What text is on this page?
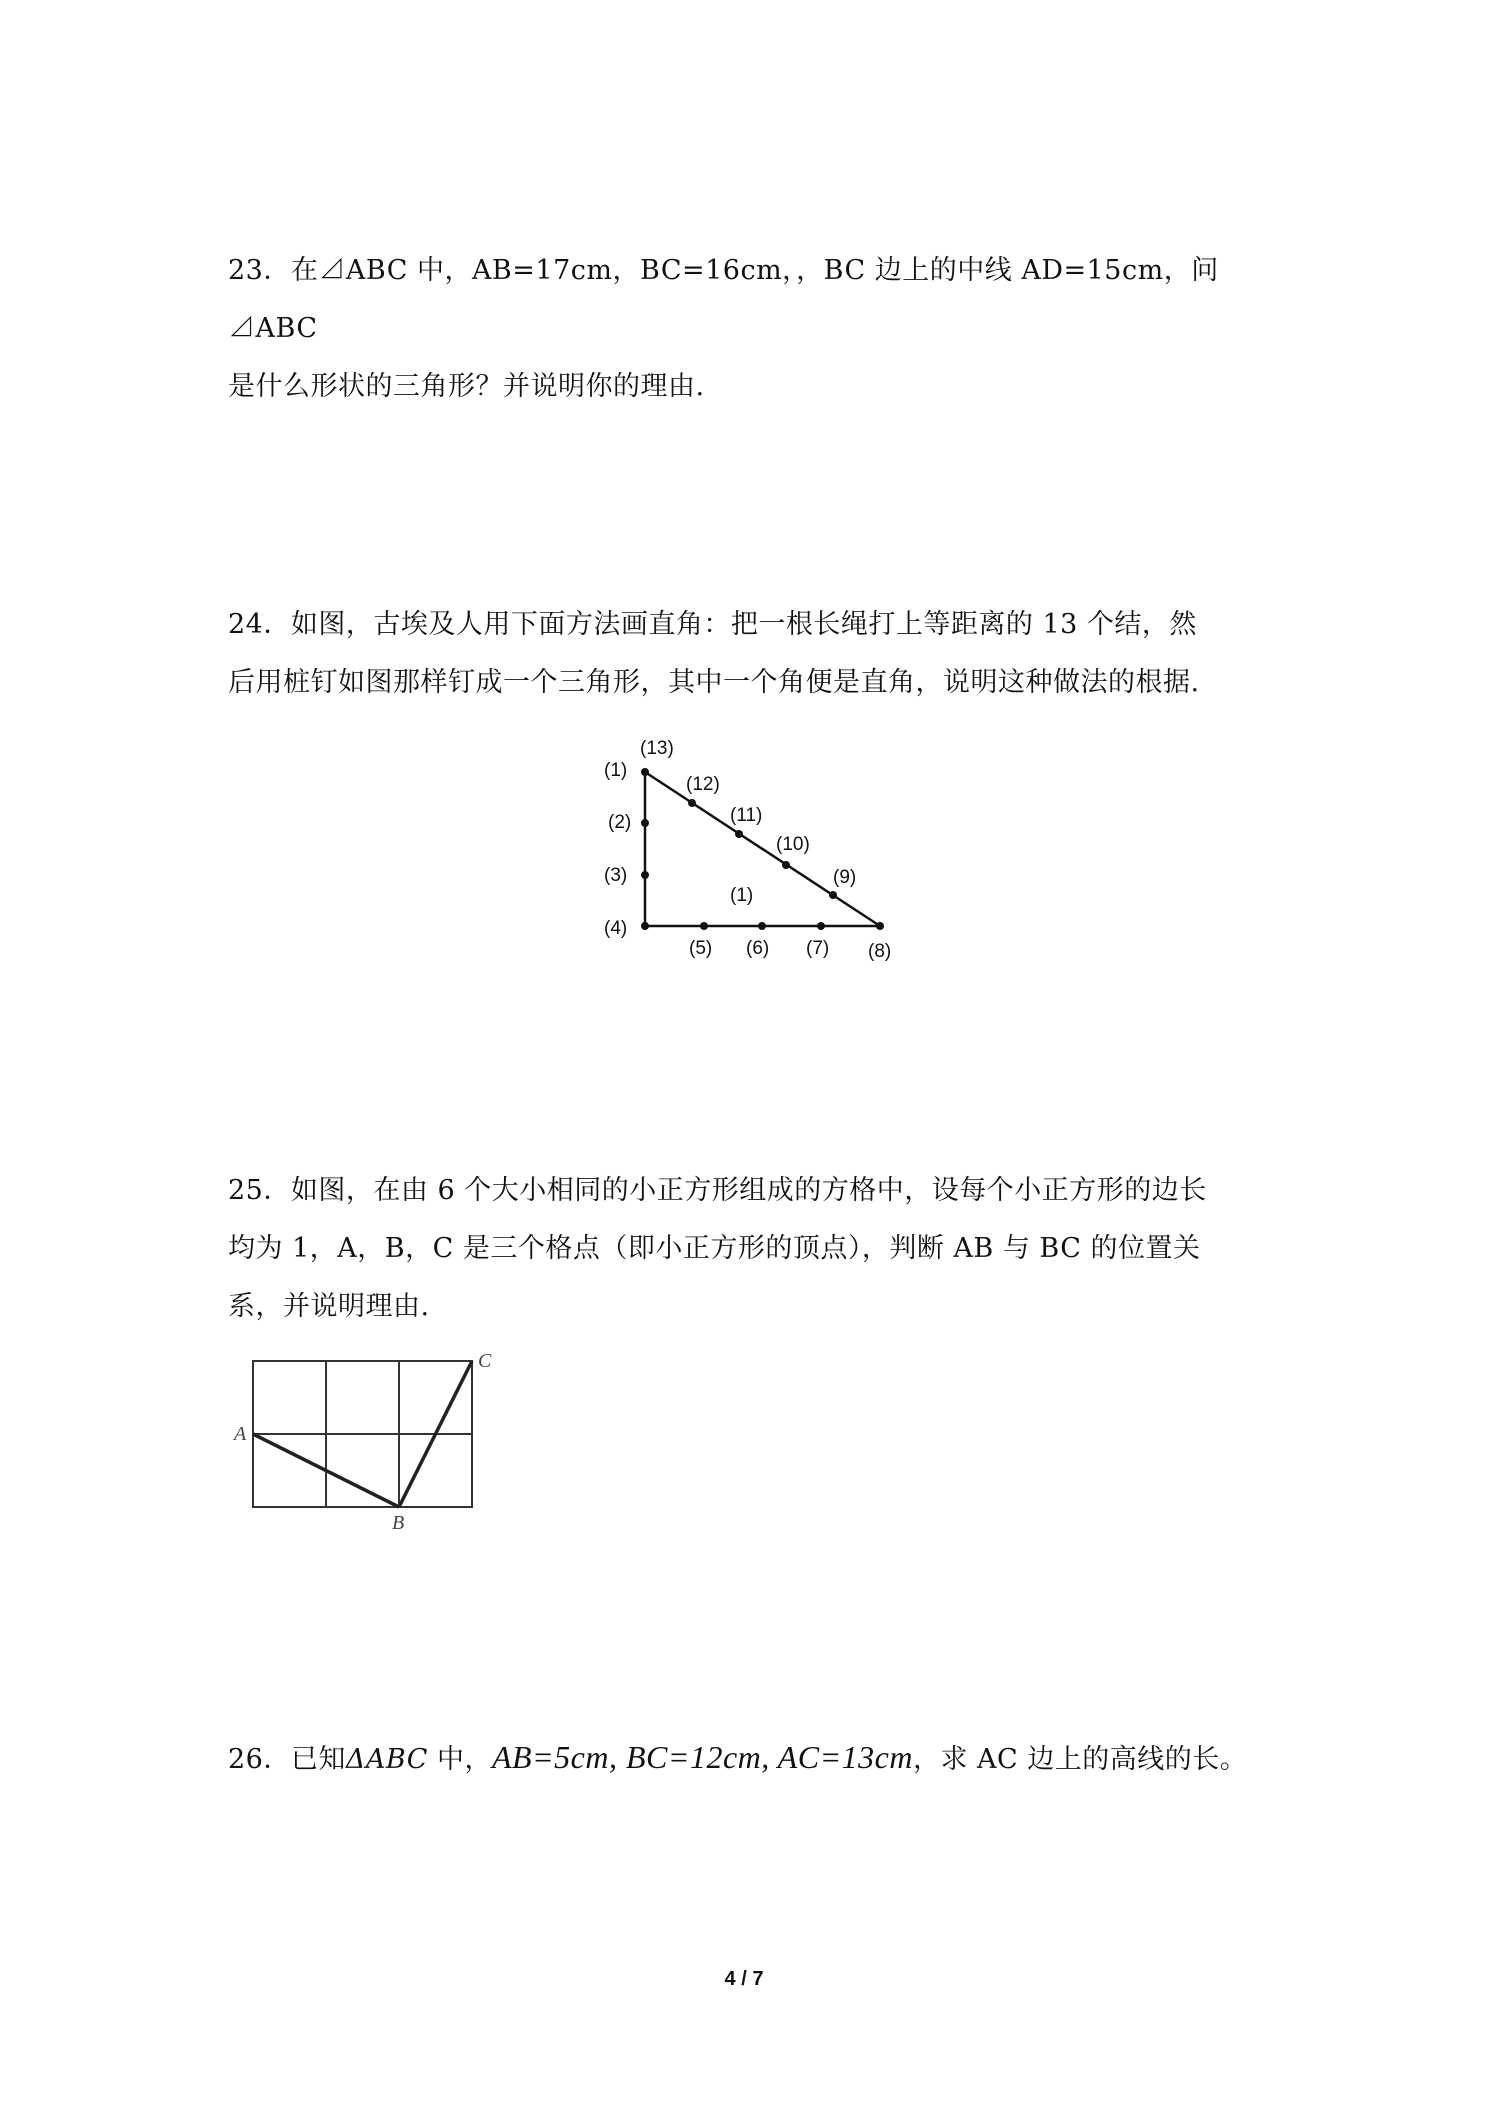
23．在⊿ABC 中，AB=17cm，BC=16cm，，BC 边上的中线 AD=15cm，问⊿ABC

是什么形状的三角形？并说明你的理由.

24．如图，古埃及人用下面方法画直角：把一根长绳打上等距离的 13 个结，然

后用桩钉如图那样钉成一个三角形，其中一个角便是直角，说明这种做法的根据.

(13)
(1)
(12)
(2)	(11)
(10)
(3)	(9)
(1)
(4)
(5) (6) (7) (8)

25．如图，在由 6 个大小相同的小正方形组成的方格中，设每个小正方形的边长

均为 1，A，B，C 是三个格点（即小正方形的顶点），判断 AB 与 BC 的位置关

系，并说明理由.

A
B
C

26．已知ΔABC 中，AB=5cm, BC=12cm, AC=13cm，求 AC 边上的高线的长。

4 / 7
